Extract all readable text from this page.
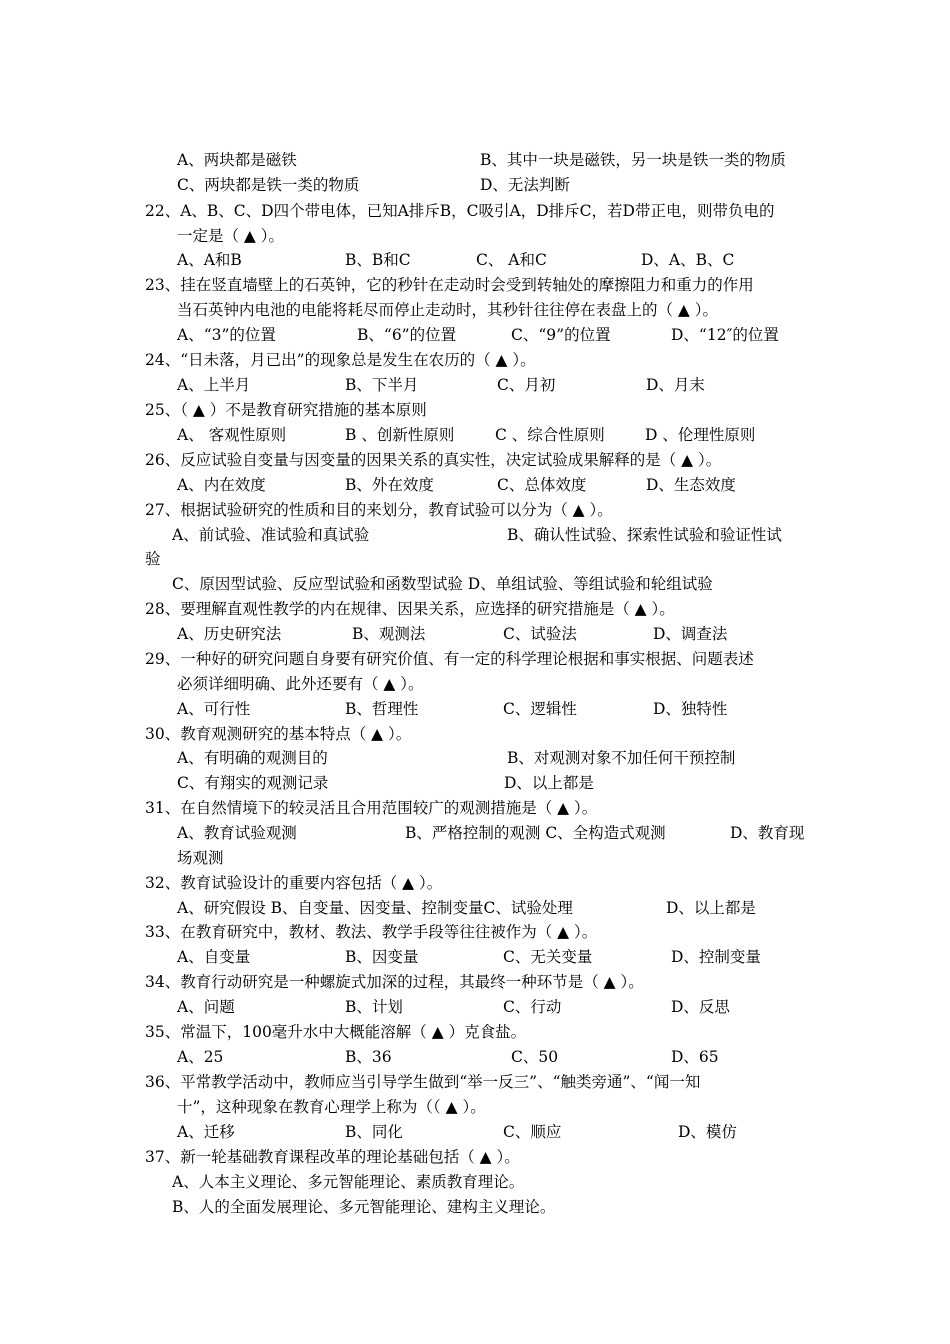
A、两块都是磁铁	B、其中一块是磁铁，另一块是铁一类的物质
C、两块都是铁一类的物质	D、无法判断
22、A、B、C、D四个带电体，已知A排斥B，C吸引A，D排斥C，若D带正电，则带负电的
一定是（ ▲ ）。
A、A和B	B、B和C	C、 A和C	D、A、B、C
23、挂在竖直墙壁上的石英钟，它的秒针在走动时会受到转轴处的摩擦阻力和重力的作用
当石英钟内电池的电能将耗尽而停止走动时，其秒针往往停在表盘上的（ ▲ ）。
A、“3”的位置	B、“6”的位置	C、“9”的位置	D、“12″的位置
24、“日未落，月已出”的现象总是发生在农历的（ ▲ ）。
A、上半月	B、下半月	C、月初	D、月末
25、（ ▲ ）不是教育研究措施的基本原则
A、 客观性原则	B 、创新性原则	C 、综合性原则	D 、伦理性原则
26、反应试验自变量与因变量的因果关系的真实性，决定试验成果解释的是（ ▲ ）。
A、内在效度	B、外在效度	C、总体效度	D、生态效度
27、根据试验研究的性质和目的来划分，教育试验可以分为（ ▲ ）。
A、前试验、准试验和真试验	B、确认性试验、探索性试验和验证性试
验
C、原因型试验、反应型试验和函数型试验 D、单组试验、等组试验和轮组试验
28、要理解直观性教学的内在规律、因果关系，应选择的研究措施是（ ▲ ）。
A、历史研究法	B、观测法	C、试验法	D、调查法
29、一种好的研究问题自身要有研究价值、有一定的科学理论根据和事实根据、问题表述
必须详细明确、此外还要有（ ▲ ）。
A、可行性	B、哲理性	C、逻辑性	D、独特性
30、教育观测研究的基本特点（ ▲ ）。
A、有明确的观测目的	B、对观测对象不加任何干预控制
C、有翔实的观测记录	D、以上都是
31、在自然情境下的较灵活且合用范围较广的观测措施是（ ▲ ）。
A、教育试验观测	B、严格控制的观测 C、全构造式观测	D、教育现
场观测
32、教育试验设计的重要内容包括（ ▲ ）。
A、研究假设 B、自变量、因变量、控制变量C、试验处理	D、以上都是
33、在教育研究中，教材、教法、教学手段等往往被作为（ ▲ ）。
A、自变量	B、因变量	C、无关变量	D、控制变量
34、教育行动研究是一种螺旋式加深的过程，其最终一种环节是（ ▲ ）。
A、问题	B、计划	C、行动	D、反思
35、常温下，100毫升水中大概能溶解（ ▲ ）克食盐。
A、25	B、36	C、50	D、65
36、平常教学活动中，教师应当引导学生做到“举一反三”、“触类旁通”、“闻一知
十”，这种现象在教育心理学上称为（（ ▲ ）。
A、迁移	B、同化	C、顺应	D、模仿
37、新一轮基础教育课程改革的理论基础包括（ ▲ ）。
A、人本主义理论、多元智能理论、素质教育理论。
B、人的全面发展理论、多元智能理论、建构主义理论。
